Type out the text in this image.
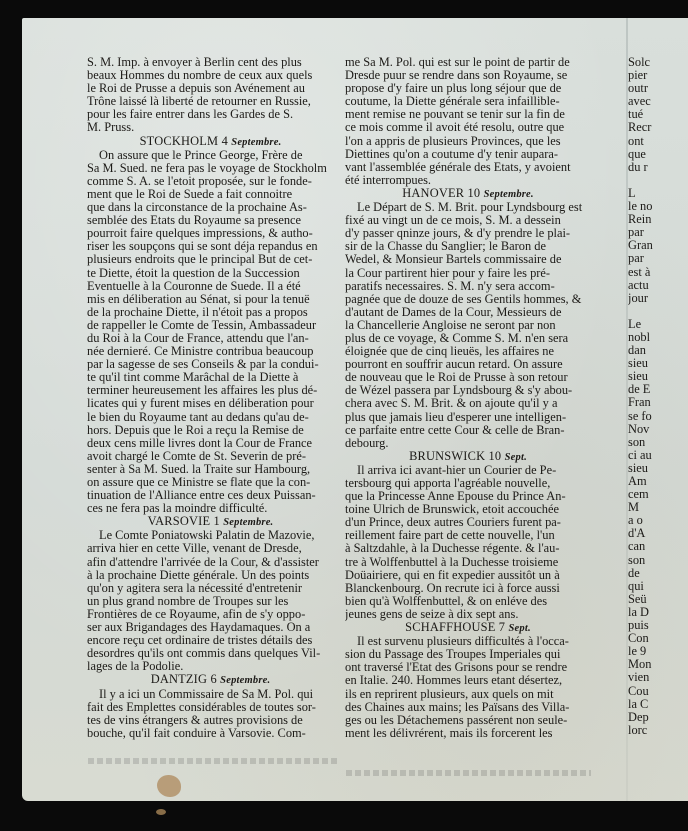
S. M. Imp. à envoyer à Berlin cent des plus
beaux Hommes du nombre de ceux aux quels
le Roi de Prusse a depuis son Avénement au
Trône laissé là liberté de retourner en Russie,
pour les faire entrer dans les Gardes de S.
M. Pruss.
STOCKHOLM 4 Septembre.
On assure que le Prince George, Frère de
Sa M. Sued. ne fera pas le voyage de Stockholm
comme S. A. se l'etoit proposée, sur le fonde-
ment que le Roi de Suede a fait connoitre
que dans la circonstance de la prochaine As-
semblée des Etats du Royaume sa presence
pourroit faire quelques impressions, & autho-
riser les soupçons qui se sont déja repandus en
plusieurs endroits que le principal But de cet-
te Diette, étoit la question de la Succession
Eventuelle à la Couronne de Suede. Il a été
mis en déliberation au Sénat, si pour la tenuë
de la prochaine Diette, il n'étoit pas a propos
de rappeller le Comte de Tessin, Ambassadeur
du Roi à la Cour de France, attendu que l'an-
née dernieré. Ce Ministre contribua beaucoup
par la sagesse de ses Conseils & par la condui-
te qu'il tint comme Marâchal de la Diette à
terminer heureusement les affaires les plus dé-
licates qui y furent mises en déliberation pour
le bien du Royaume tant au dedans qu'au de-
hors. Depuis que le Roi a reçu la Remise de
deux cens mille livres dont la Cour de France
avoit chargé le Comte de St. Severin de pré-
senter à Sa M. Sued. la Traite sur Hambourg,
on assure que ce Ministre se flate que la con-
tinuation de l'Alliance entre ces deux Puissan-
ces ne fera pas la moindre difficulté.
VARSOVIE 1 Septembre.
Le Comte Poniatowski Palatin de Mazovie,
arriva hier en cette Ville, venant de Dresde,
afin d'attendre l'arrivée de la Cour, & d'assister
à la prochaine Diette générale. Un des points
qu'on y agitera sera la nécessité d'entretenir
un plus grand nombre de Troupes sur les
Frontières de ce Royaume, afin de s'y oppo-
ser aux Brigandages des Haydamaques. On a
encore reçu cet ordinaire de tristes détails des
desordres qu'ils ont commis dans quelques Vil-
lages de la Podolie.
DANTZIG 6 Septembre.
Il y a ici un Commissaire de Sa M. Pol. qui
fait des Emplettes considérables de toutes sor-
tes de vins étrangers & autres provisions de
bouche, qu'il fait conduire à Varsovie. Com-
me Sa M. Pol. qui est sur le point de partir de
Dresde puur se rendre dans son Royaume, se
propose d'y faire un plus long séjour que de
coutume, la Diette générale sera infaillible-
ment remise ne pouvant se tenir sur la fin de
ce mois comme il avoit été resolu, outre que
l'on a appris de plusieurs Provinces, que les
Diettines qu'on a coutume d'y tenir aupara-
vant l'assemblée générale des Etats, y avoient
été interrompues.
HANOVER 10 Septembre.
Le Départ de S. M. Brit. pour Lyndsbourg est
fixé au vingt un de ce mois, S. M. a dessein
d'y passer qninze jours, & d'y prendre le plai-
sir de la Chasse du Sanglier; le Baron de
Wedel, & Monsieur Bartels commissaire de
la Cour partirent hier pour y faire les pré-
paratifs necessaires. S. M. n'y sera accom-
pagnée que de douze de ses Gentils hommes, &
d'autant de Dames de la Cour, Messieurs de
la Chancellerie Angloise ne seront par non
plus de ce voyage, & Comme S. M. n'en sera
éloignée que de cinq lieuës, les affaires ne
pourront en souffrir aucun retard. On assure
de nouveau que le Roi de Prusse à son retour
de Wézel passera par Lyndsbourg & s'y abou-
chera avec S. M. Brit. & on ajoute qu'il y a
plus que jamais lieu d'esperer une intelligen-
ce parfaite entre cette Cour & celle de Bran-
debourg.
BRUNSWICK 10 Sept.
Il arriva ici avant-hier un Courier de Pe-
tersbourg qui apporta l'agréable nouvelle,
que la Princesse Anne Epouse du Prince An-
toine Ulrich de Brunswick, etoit accouchée
d'un Prince, deux autres Couriers furent pa-
reillement faire part de cette nouvelle, l'un
à Saltzdahle, à la Duchesse régente. & l'au-
tre à Wolffenbuttel à la Duchesse troisieme
Doüairiere, qui en fit expedier aussitôt un à
Blanckenbourg. On recrute ici à force aussi
bien qu'à Wolffenbuttel, & on enléve des
jeunes gens de seize à dix sept ans.
SCHAFFHOUSE 7 Sept.
Il est survenu plusieurs difficultés à l'occa-
sion du Passage des Troupes Imperiales qui
ont traversé l'Etat des Grisons pour se rendre
en Italie. 240. Hommes leurs etant désertez,
ils en reprirent plusieurs, aux quels on mit
des Chaines aux mains; les Païsans des Villa-
ges ou les Détachemens passérent non seule-
ment les délivrérent, mais ils forcerent les
Solc
pier
outr
avec
tué
Recr
ont
que
du r

L
le no
Rein
par
Gran
par
est à
actu
jour

Le
nobl
dan
sieu
sieu
de E
Fran
se fo
Nov
son
ci au
sieu
Am
cem
M
a o
d'A
can
son
de
qui
Seü
la D
puis
Con
le 9
Mon
vien
Cou
la C
Dep
lorc
